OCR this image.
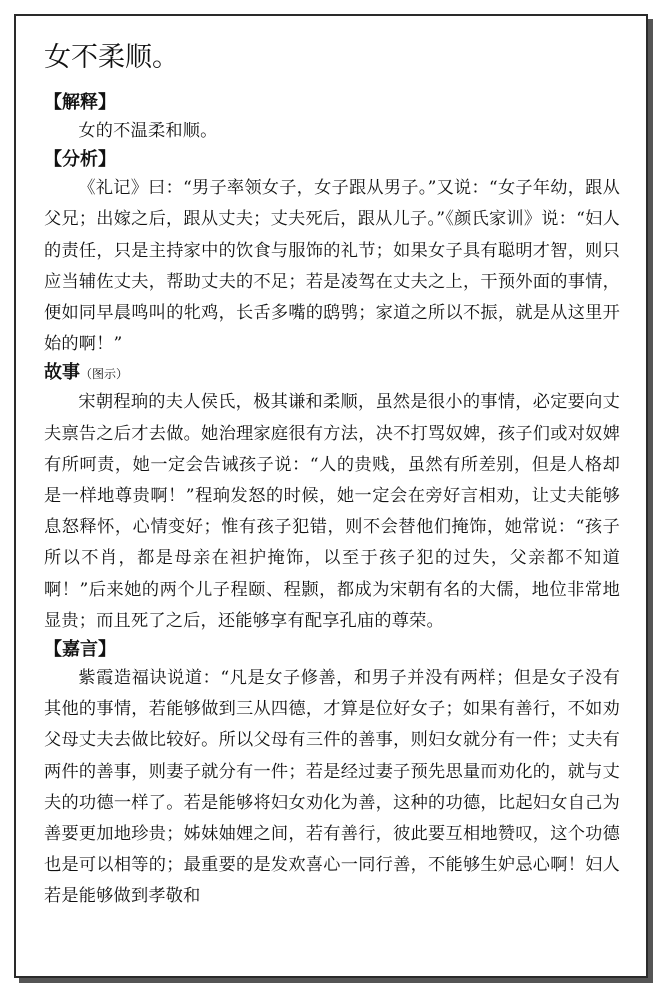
女不柔顺。
【解释】

女的不温柔和顺。

【分析】

《礼记》曰：“男子率领女子，女子跟从男子。”又说：“女子年幼，跟从父兄；出嫁之后，跟从丈夫；丈夫死后，跟从儿子。”《颜氏家训》说：“妇人的责任，只是主持家中的饮食与服饰的礼节；如果女子具有聪明才智，则只应当辅佐丈夫，帮助丈夫的不足；若是凌驾在丈夫之上，干预外面的事情，便如同早晨鸣叫的牝鸡，长舌多嘴的鸱鸮；家道之所以不振，就是从这里开始的啊！”

故事（图示）

宋朝程珦的夫人侯氏，极其谦和柔顺，虽然是很小的事情，必定要向丈夫禀告之后才去做。她治理家庭很有方法，决不打骂奴婢，孩子们或对奴婢有所呵责，她一定会告诫孩子说：“人的贵贱，虽然有所差别，但是人格却是一样地尊贵啊！”程珦发怒的时候，她一定会在旁好言相劝，让丈夫能够息怒释怀，心情变好；惟有孩子犯错，则不会替他们掩饰，她常说：“孩子所以不肖，都是母亲在袒护掩饰，以至于孩子犯的过失，父亲都不知道啊！”后来她的两个儿子程颐、程颢，都成为宋朝有名的大儒，地位非常地显贵；而且死了之后，还能够享有配享孔庙的尊荣。

【嘉言】

紫霞造福诀说道：“凡是女子修善，和男子并没有两样；但是女子没有其他的事情，若能够做到三从四德，才算是位好女子；如果有善行，不如劝父母丈夫去做比较好。所以父母有三件的善事，则妇女就分有一件；丈夫有两件的善事，则妻子就分有一件；若是经过妻子预先思量而劝化的，就与丈夫的功德一样了。若是能够将妇女劝化为善，这种的功德，比起妇女自己为善要更加地珍贵；姊妹妯娌之间，若有善行，彼此要互相地赞叹，这个功德也是可以相等的；最重要的是发欢喜心一同行善，不能够生妒忌心啊！妇人若是能够做到孝敬和
